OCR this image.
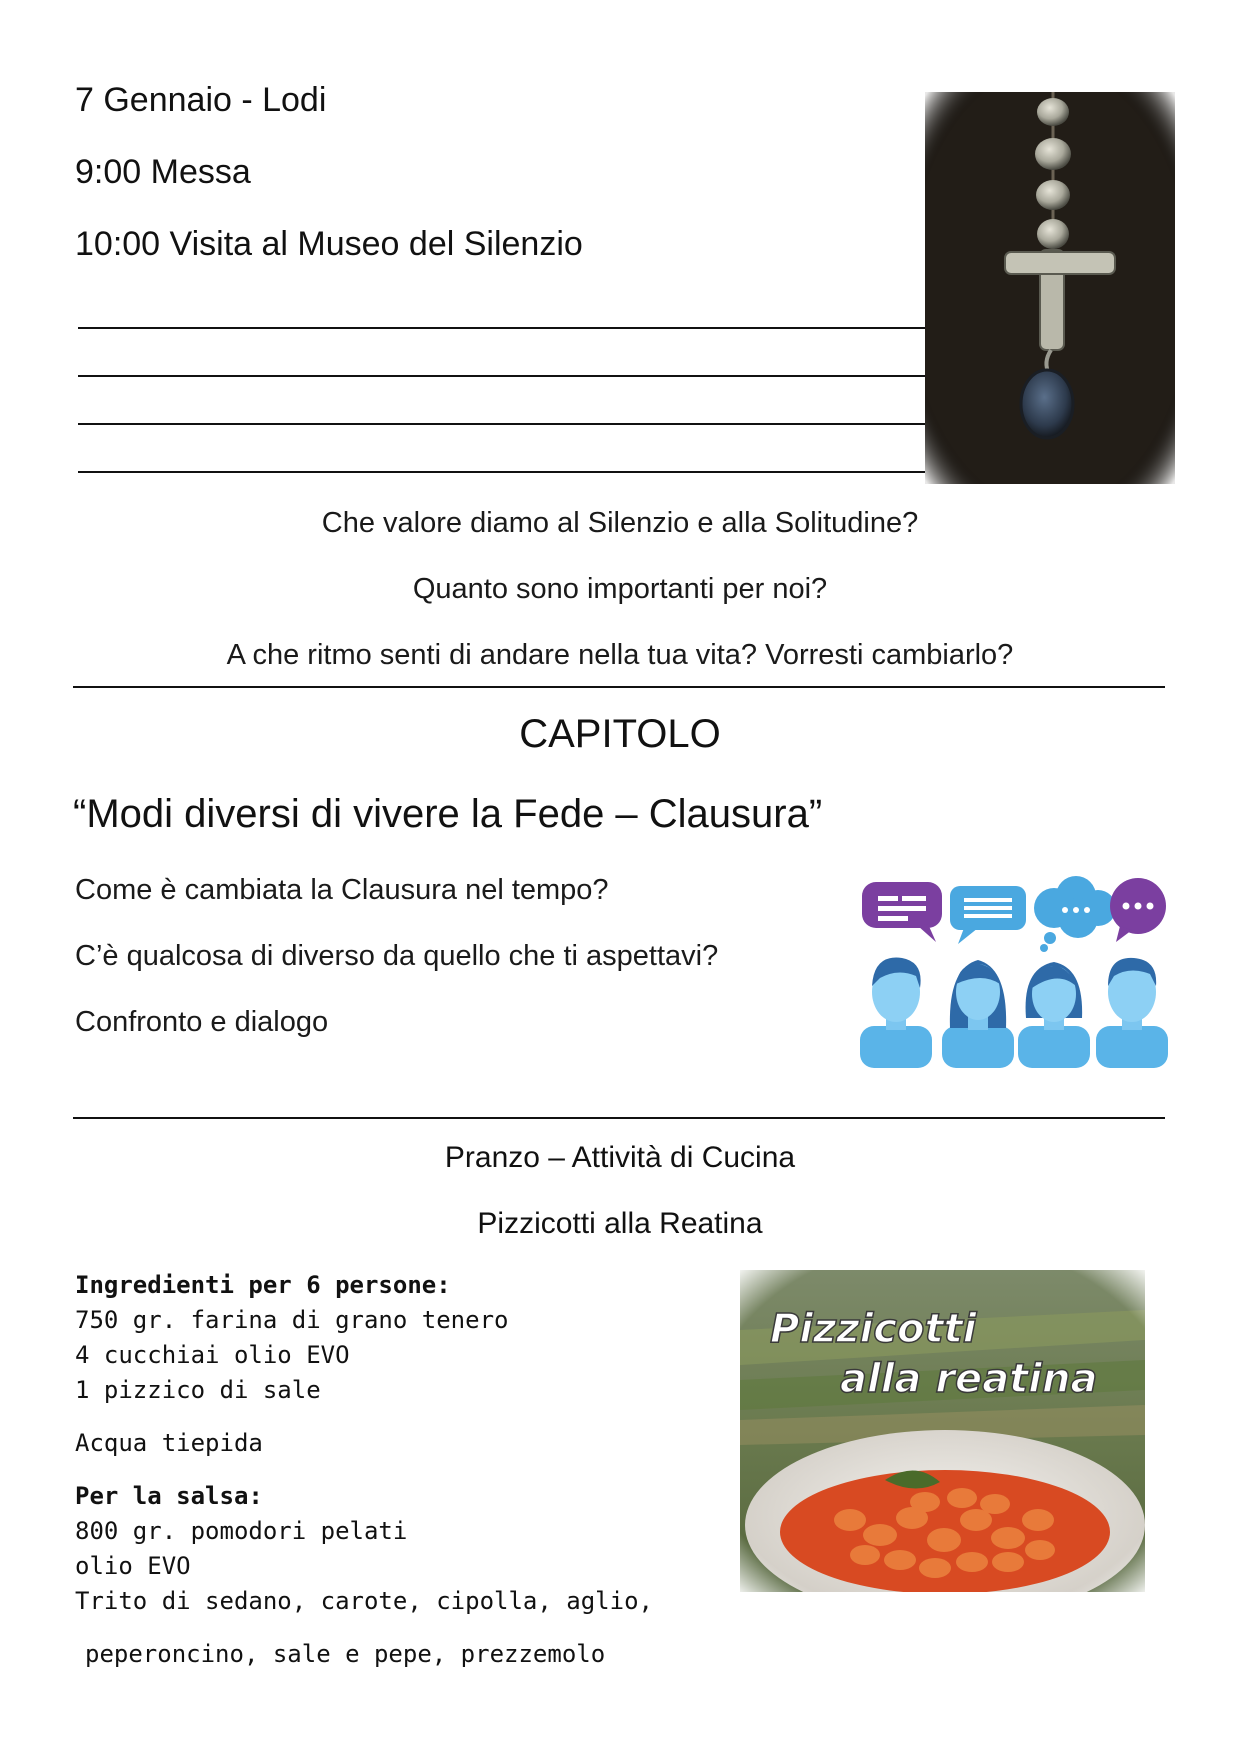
7 Gennaio - Lodi
9:00 Messa
10:00 Visita al Museo del Silenzio
Che valore diamo al Silenzio e alla Solitudine?
Quanto sono importanti per noi?
A che ritmo senti di andare nella tua vita? Vorresti cambiarlo?
CAPITOLO
“Modi diversi di vivere la Fede – Clausura”
Come è cambiata la Clausura nel tempo?
C’è qualcosa di diverso da quello che ti aspettavi?
Confronto e dialogo
Pranzo – Attività di Cucina
Pizzicotti alla Reatina
Ingredienti per 6 persone:
750 gr. farina di grano tenero
4 cucchiai olio EVO
1 pizzico di sale
Acqua tiepida
Per la salsa:
800 gr. pomodori pelati
olio EVO
Trito di sedano, carote, cipolla, aglio,
peperoncino, sale e pepe, prezzemolo
Pizzicotti
alla reatina
